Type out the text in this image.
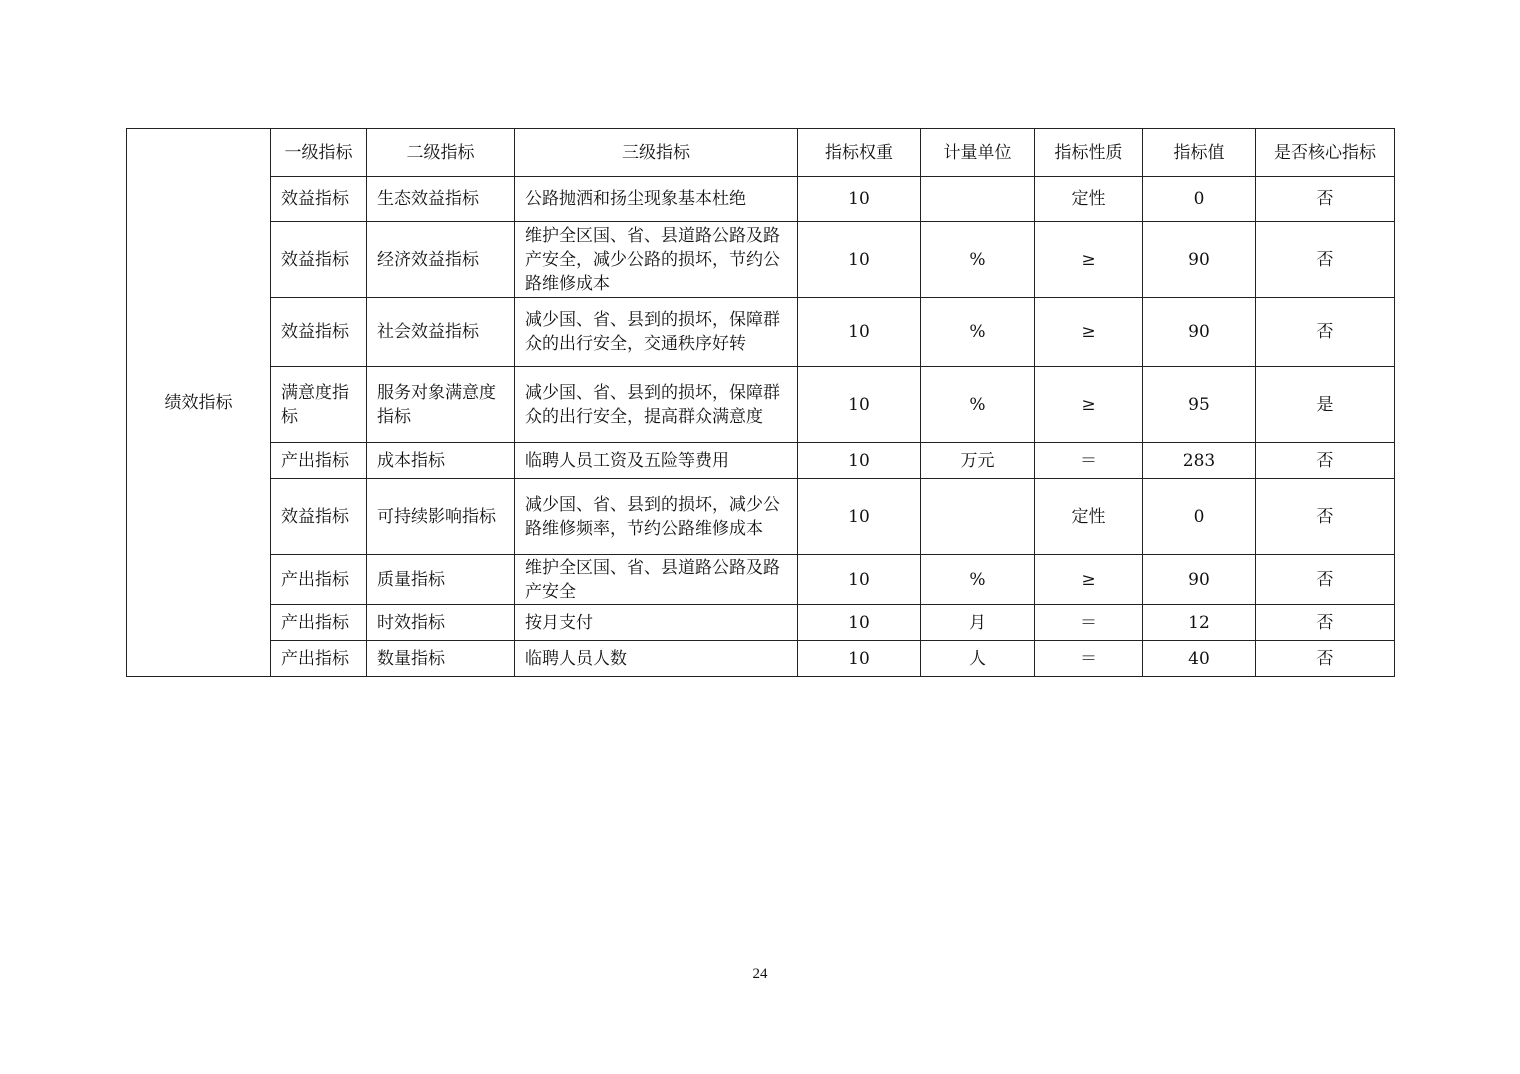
绩效指标	一级指标	二级指标	三级指标	指标权重	计量单位	指标性质	指标值	是否核心指标
	效益指标	生态效益指标	公路抛洒和扬尘现象基本杜绝	10		定性	0	否
	效益指标	经济效益指标	维护全区国、省、县道路公路及路产安全，减少公路的损坏，节约公路维修成本	10	%	≥	90	否
	效益指标	社会效益指标	减少国、省、县到的损坏，保障群众的出行安全，交通秩序好转	10	%	≥	90	否
	满意度指标	服务对象满意度指标	减少国、省、县到的损坏，保障群众的出行安全，提高群众满意度	10	%	≥	95	是
	产出指标	成本指标	临聘人员工资及五险等费用	10	万元	＝	283	否
	效益指标	可持续影响指标	减少国、省、县到的损坏，减少公路维修频率，节约公路维修成本	10		定性	0	否
	产出指标	质量指标	维护全区国、省、县道路公路及路产安全	10	%	≥	90	否
	产出指标	时效指标	按月支付	10	月	＝	12	否
	产出指标	数量指标	临聘人员人数	10	人	＝	40	否
24
